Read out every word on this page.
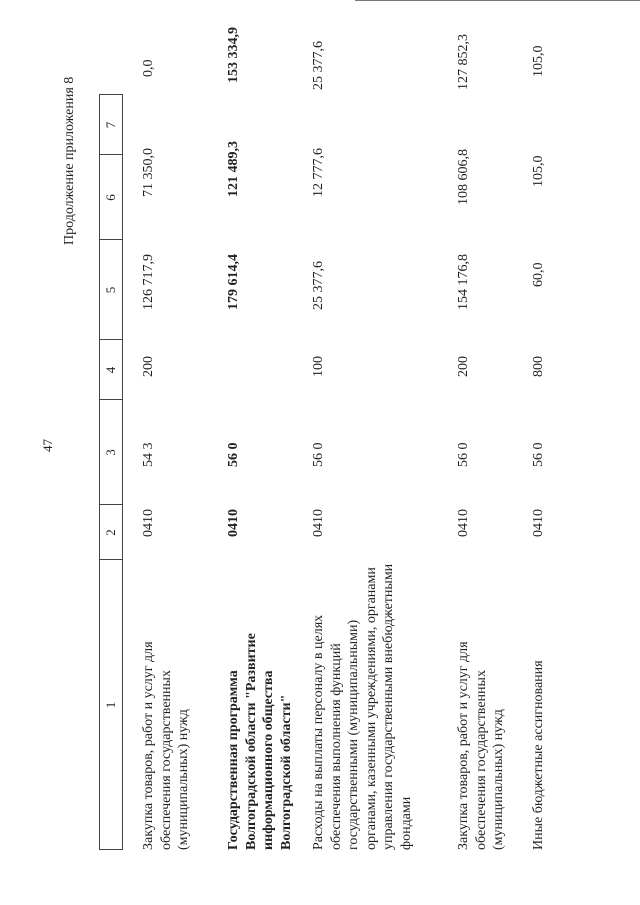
47
Продолжение приложения 8
1
2
3
4
5
6
7
Закупка товаров, работ и услуг для обеспечения государственных (муниципальных) нужд
0410
54 3
200
126 717,9
71 350,0
0,0
Государственная программа Волгоградской области "Развитие информационного общества Волгоградской области"
0410
56 0
179 614,4
121 489,3
153 334,9
Расходы на выплаты персоналу в целях обеспечения выполнения функций государственными (муниципальными) органами, казенными учреждениями, органами управления государственными внебюджетными фондами
0410
56 0
100
25 377,6
12 777,6
25 377,6
Закупка товаров, работ и услуг для обеспечения государственных (муниципальных) нужд
0410
56 0
200
154 176,8
108 606,8
127 852,3
Иные бюджетные ассигнования
0410
56 0
800
60,0
105,0
105,0
